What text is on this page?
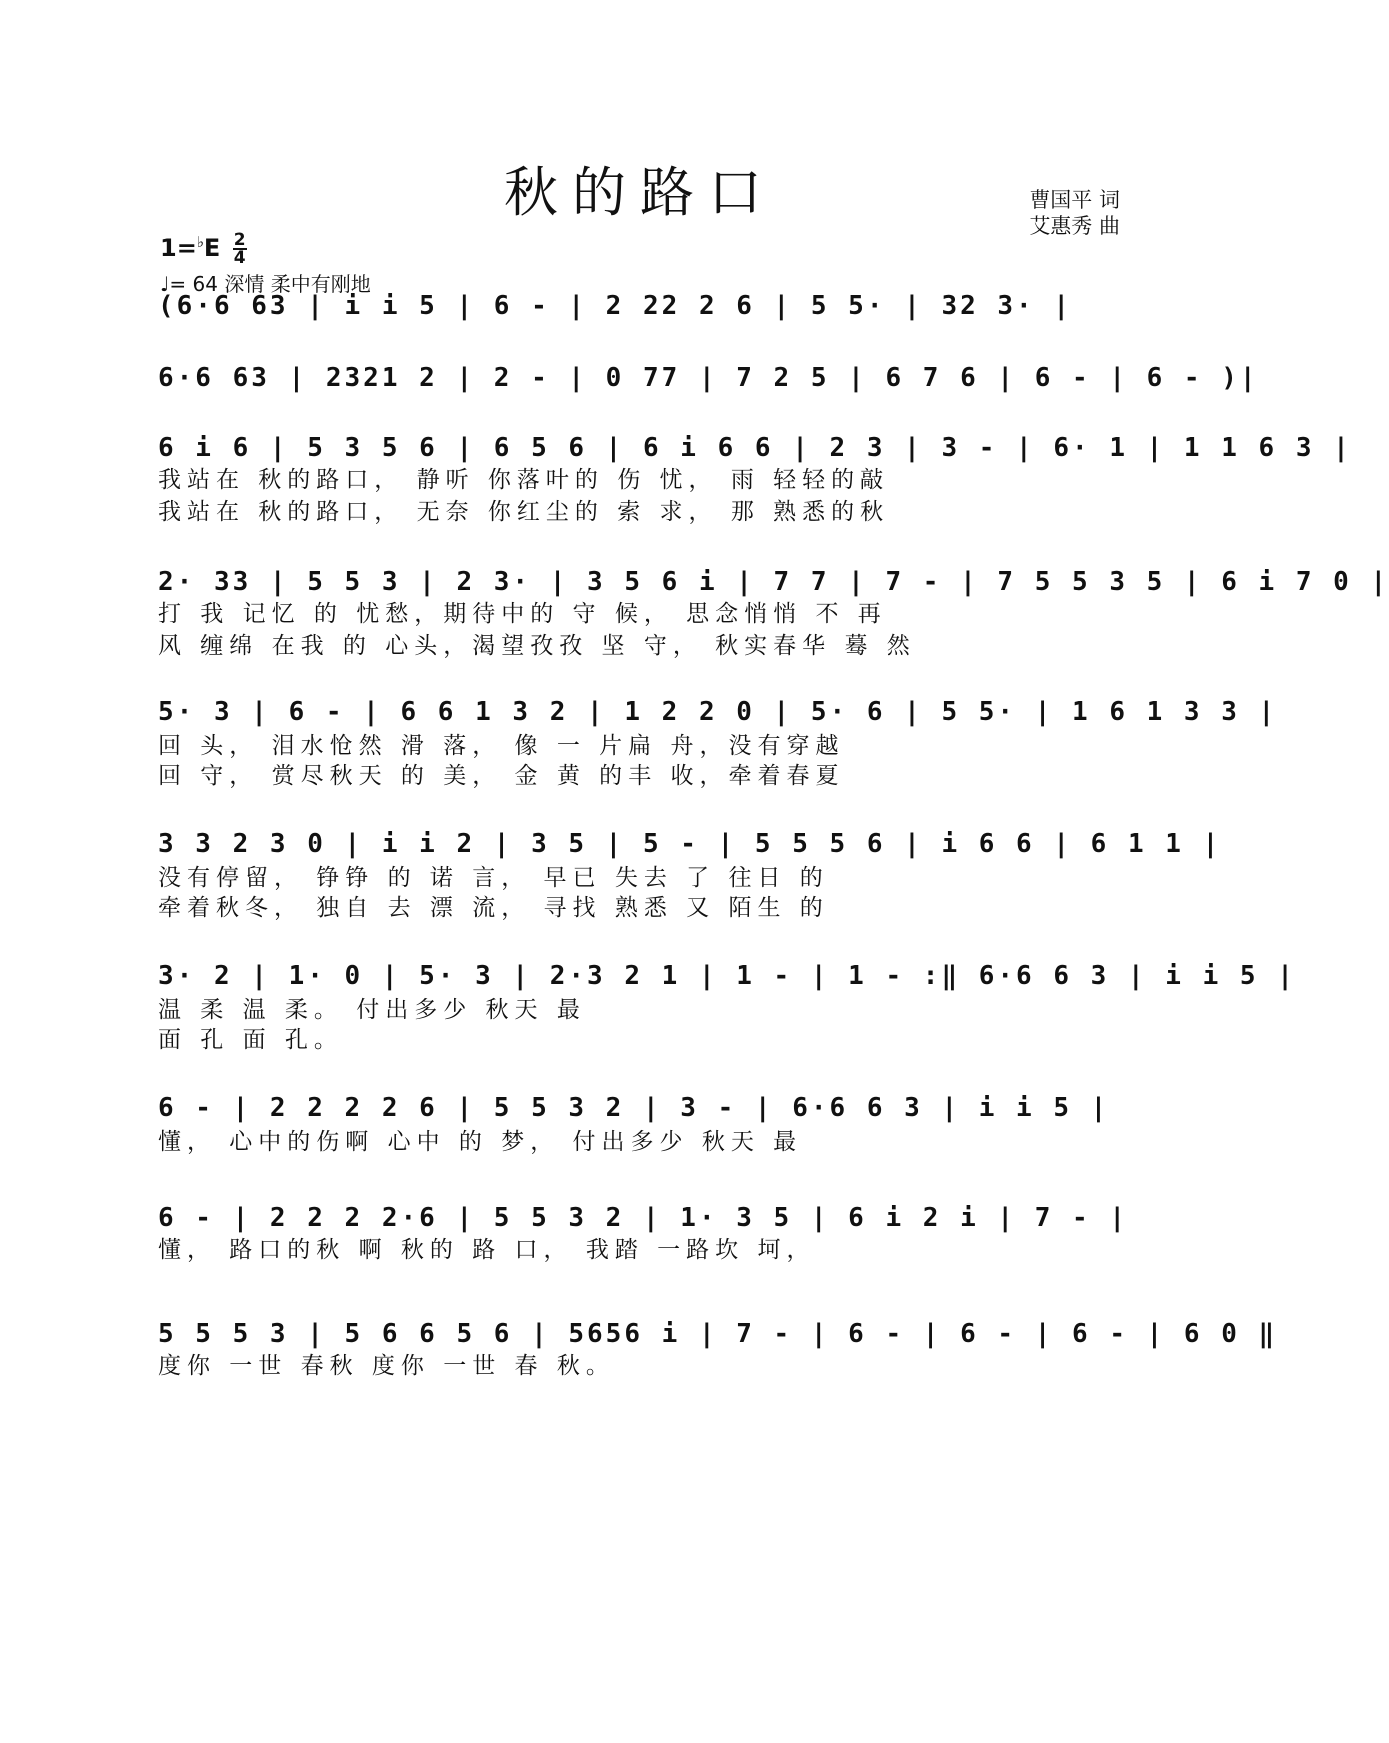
秋的路口	曹国平 词
艾惠秀 曲
$1=^♭E \frac{2}{4}$
♩= 64 深情 柔中有刚地
(6·6 63 | i i 5 | 6 - | 2 22 2 6 | 5 5· | 32 3· |
6·6 63 | 2321 2 | 2 - | 0 77 | 7 2 5 | 6 7 6 | 6 - | 6 - )|
6 i 6 | 5 3 5 6 | 6 5 6 | 6 i 6 6 | 2 3 | 3 - | 6· 1 | 1 1 6 3 |
我站在 秋的路口， 静听 你落叶的 伤 忧， 雨 轻轻的敲
我站在 秋的路口， 无奈 你红尘的 索 求， 那 熟悉的秋
2· 33 | 5 5 3 | 2 3· | 3 5 6 i | 7 7 | 7 - | 7 5 5 3 5 | 6 i 7 0 |
打 我 记忆 的 忧愁，期待中的 守 候， 思念悄悄 不 再
风 缠绵 在我 的 心头，渴望孜孜 坚 守， 秋实春华 蓦 然
5· 3 | 6 - | 6 6 1 3 2 | 1 2 2 0 | 5· 6 | 5 5· | 1 6 1 3 3 |
回 头， 泪水怆然 滑 落， 像 一 片扁 舟，没有穿越
回 守， 赏尽秋天 的 美， 金 黄 的丰 收，牵着春夏
3 3 2 3 0 | i i 2 | 3 5 | 5 - | 5 5 5 6 | i 6 6 | 6 1 1 |
没有停留， 铮铮 的 诺 言， 早已 失去 了 往日 的
牵着秋冬， 独自 去 漂 流， 寻找 熟悉 又 陌生 的
3· 2 | 1· 0 | 5· 3 | 2·3 2 1 | 1 - | 1 - :‖ 6·6 6 3 | i i 5 |
温 柔 温 柔。 付出多少 秋天 最
面 孔 面 孔。
6 - | 2 2 2 2 6 | 5 5 3 2 | 3 - | 6·6 6 3 | i i 5 |
懂， 心中的伤啊 心中 的 梦， 付出多少 秋天 最
6 - | 2 2 2 2·6 | 5 5 3 2 | 1· 3 5 | 6 i 2 i | 7 - |
懂， 路口的秋 啊 秋的 路 口， 我踏 一路坎 坷，
5 5 5 3 | 5 6 6 5 6 | 5656 i | 7 - | 6 - | 6 - | 6 - | 6 0 ‖
度你 一世 春秋 度你 一世 春 秋。
